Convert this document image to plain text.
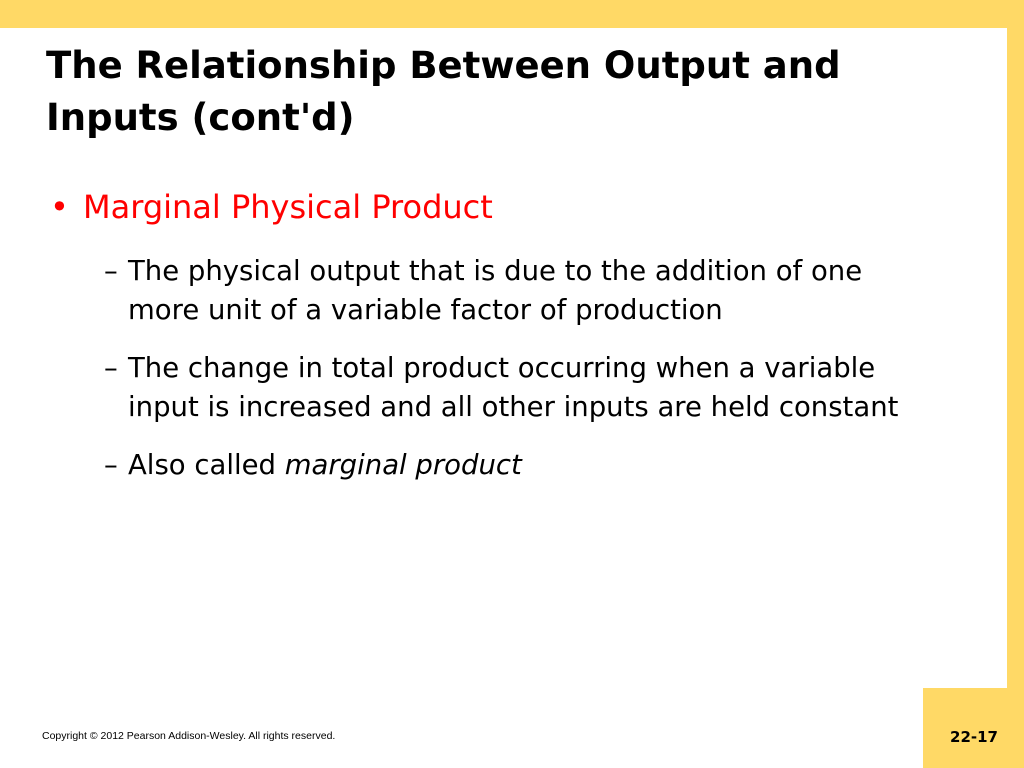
The Relationship Between Output and Inputs (cont'd)
• Marginal Physical Product
– The physical output that is due to the addition of one more unit of a variable factor of production
– The change in total product occurring when a variable input is increased and all other inputs are held constant
– Also called marginal product
Copyright © 2012 Pearson Addison-Wesley. All rights reserved.	22-17
